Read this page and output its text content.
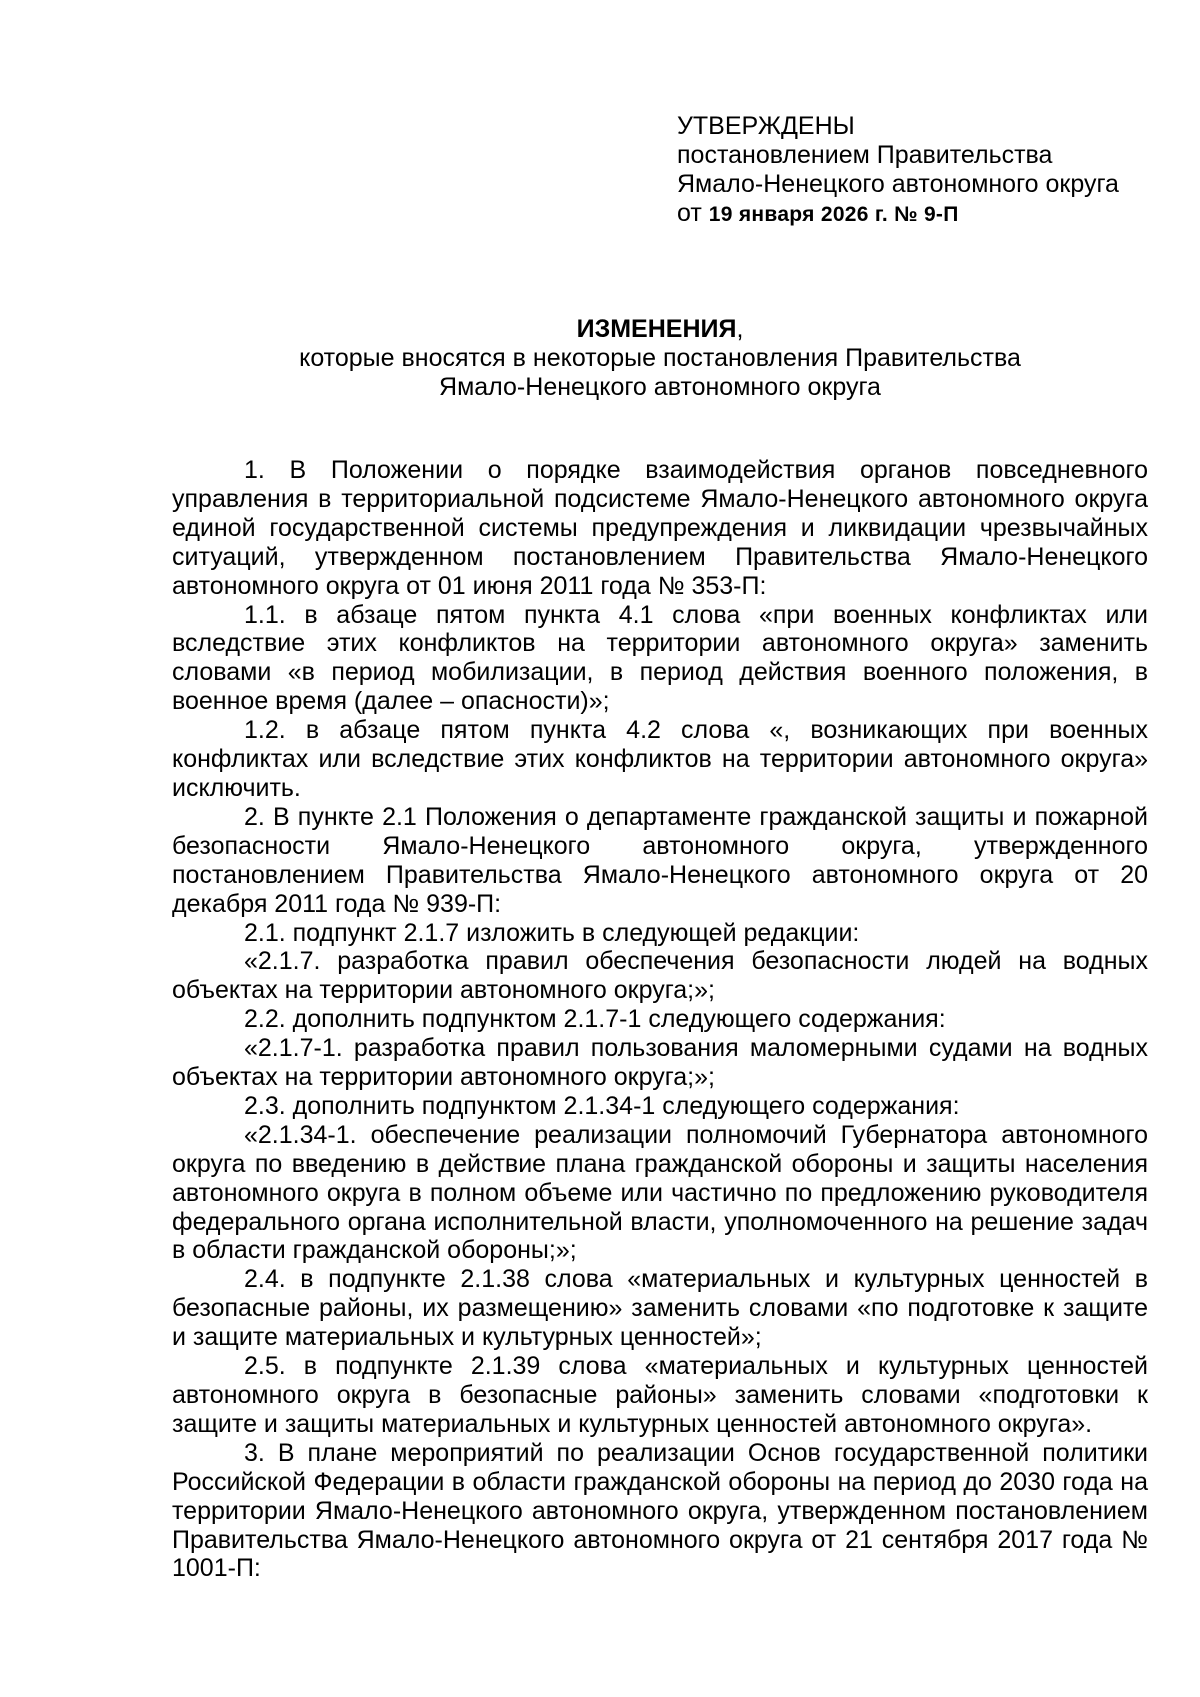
УТВЕРЖДЕНЫ

постановлением Правительства

Ямало-Ненецкого автономного округа

от 19 января 2026 г. № 9-П

ИЗМЕНЕНИЯ,

которые вносятся в некоторые постановления Правительства

Ямало-Ненецкого автономного округа

1. В Положении о порядке взаимодействия органов повседневного управления в территориальной подсистеме Ямало-Ненецкого автономного округа единой государственной системы предупреждения и ликвидации чрезвычайных ситуаций, утвержденном постановлением Правительства Ямало-Ненецкого автономного округа от 01 июня 2011 года № 353-П:

1.1. в абзаце пятом пункта 4.1 слова «при военных конфликтах или вследствие этих конфликтов на территории автономного округа» заменить словами «в период мобилизации, в период действия военного положения, в военное время (далее – опасности)»;

1.2. в абзаце пятом пункта 4.2 слова «, возникающих при военных конфликтах или вследствие этих конфликтов на территории автономного округа» исключить.

2. В пункте 2.1 Положения о департаменте гражданской защиты и пожарной безопасности Ямало-Ненецкого автономного округа, утвержденного постановлением Правительства Ямало-Ненецкого автономного округа от 20 декабря 2011 года № 939-П:

2.1. подпункт 2.1.7 изложить в следующей редакции:

«2.1.7. разработка правил обеспечения безопасности людей на водных объектах на территории автономного округа;»;

2.2. дополнить подпунктом 2.1.7-1 следующего содержания:

«2.1.7-1. разработка правил пользования маломерными судами на водных объектах на территории автономного округа;»;

2.3. дополнить подпунктом 2.1.34-1 следующего содержания:

«2.1.34-1. обеспечение реализации полномочий Губернатора автономного округа по введению в действие плана гражданской обороны и защиты населения автономного округа в полном объеме или частично по предложению руководителя федерального органа исполнительной власти, уполномоченного на решение задач в области гражданской обороны;»;

2.4. в подпункте 2.1.38 слова «материальных и культурных ценностей в безопасные районы, их размещению» заменить словами «по подготовке к защите и защите материальных и культурных ценностей»;

2.5. в подпункте 2.1.39 слова «материальных и культурных ценностей автономного округа в безопасные районы» заменить словами «подготовки к защите и защиты материальных и культурных ценностей автономного округа».

3. В плане мероприятий по реализации Основ государственной политики Российской Федерации в области гражданской обороны на период до 2030 года на территории Ямало-Ненецкого автономного округа, утвержденном постановлением Правительства Ямало-Ненецкого автономного округа от 21 сентября 2017 года № 1001-П:
